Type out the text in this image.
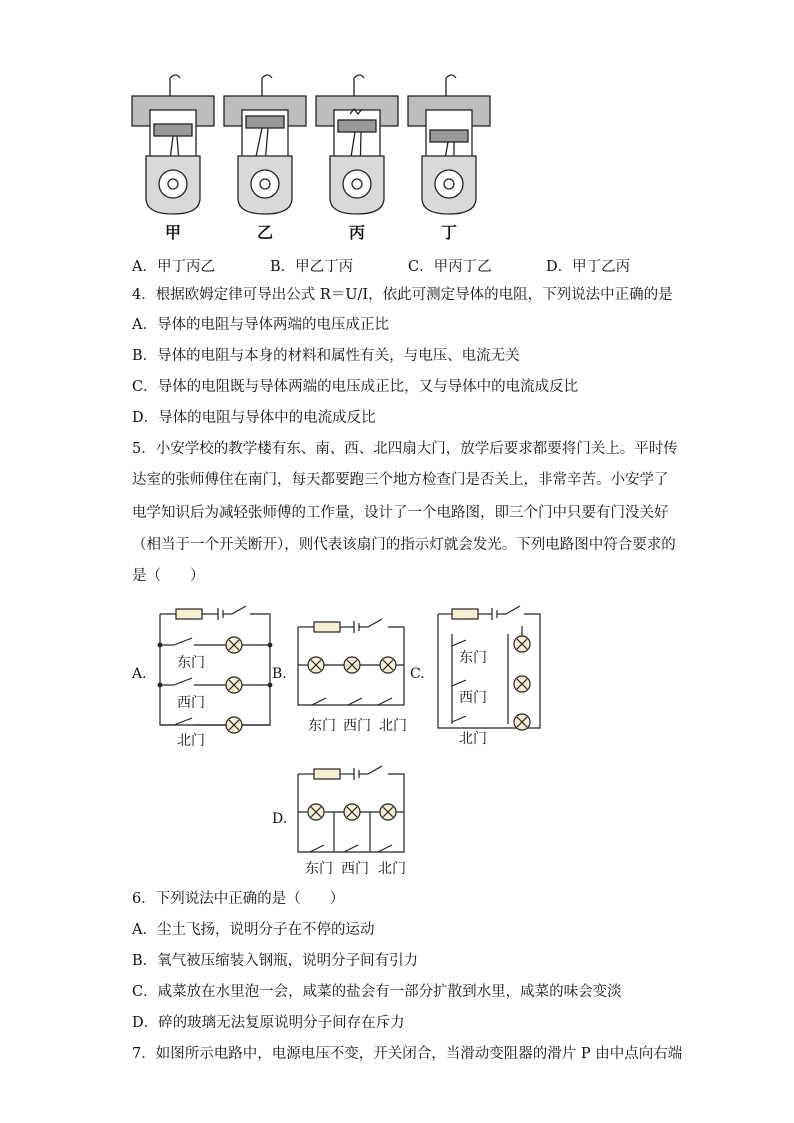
甲	乙	丙	丁
A．甲丁丙乙	B．甲乙丁丙	C．甲丙丁乙	D．甲丁乙丙
4．根据欧姆定律可导出公式 R＝U/I，依此可测定导体的电阻，下列说法中正确的是
A．导体的电阻与导体两端的电压成正比
B．导体的电阻与本身的材料和属性有关，与电压、电流无关
C．导体的电阻既与导体两端的电压成正比，又与导体中的电流成反比
D．导体的电阻与导体中的电流成反比
5．小安学校的教学楼有东、南、西、北四扇大门，放学后要求都要将门关上。平时传
达室的张师傅住在南门，每天都要跑三个地方检查门是否关上，非常辛苦。小安学了
电学知识后为减轻张师傅的工作量，设计了一个电路图，即三个门中只要有门没关好
（相当于一个开关断开），则代表该扇门的指示灯就会发光。下列电路图中符合要求的
是（　　）
A.	B.	C.
D.
东门
西门
北门
东门 西门 北门
东门
西门
北门
东门 西门 北门
6．下列说法中正确的是（　　）
A．尘土飞扬，说明分子在不停的运动
B．氧气被压缩装入钢瓶，说明分子间有引力
C．咸菜放在水里泡一会，咸菜的盐会有一部分扩散到水里，咸菜的味会变淡
D．碎的玻璃无法复原说明分子间存在斥力
7．如图所示电路中，电源电压不变，开关闭合，当滑动变阻器的滑片 P 由中点向右端
